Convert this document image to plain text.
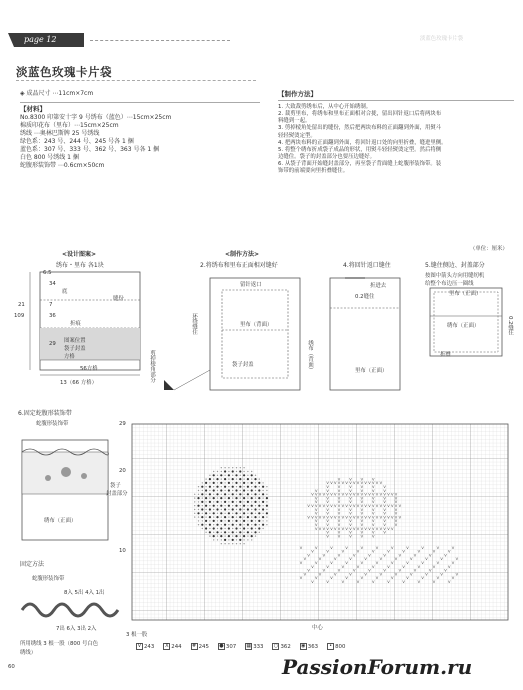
page 12	淡蓝色玫瑰卡片袋
淡蓝色玫瑰卡片袋
◈ 成品尺寸 ⋯11cm×7cm
【材料】
No.8300 印第安十字 9 号绣布（蓝色）⋯15cm×25cm
棉质印花布（里布）⋯15cm×25cm
绣线 ⋯奥林巴斯牌 25 号绣线
绿色系：243 号、244 号、245 号各 1 捆
蓝色系：307 号、333 号、362 号、363 号各 1 捆
白色 800 号绣线 1 捆
蛇腹形装饰带 ⋯0.6cm×50cm
【制作方法】
1. 大致裁剪绣布后，从中心开始绣制。
2. 裁剪里布，将绣布和里布正面相对合拢，留出回针返口后将两块布
料缝到一起。
3. 剪掉棱角处留出的缝份，然后把两块布料的正面翻到外面，用熨斗
轻轻熨烫定型。
4. 把两块布料的正面翻到外面，将回针返口处的向里折叠，缝进里侧。
5. 将整个绣布折成袋子成品的形状，用熨斗轻轻熨烫定型。然后将侧
边缝住。袋子的封盖部分也要压边缝好。
6. 从袋子背面开始缝封盖部分，再至袋子背面缝上蛇腹形装饰带。装
饰带的前端要向里折叠缝住。
（单位：厘米）
<设计图案>
绣布・里布 各1块
<制作方法>
2.将绣布和里布正面相对缝好	4.将回针返口缝住	5.缝住侧边、封盖部分
按图中箭头方向用缝纫机
给整个布边压一圈线
底
缝份
折痕
图案位置
袋子封盖
方格
6.5
34
7
36
21
109
29
56方格
13（66 方格）
留针返口
里布（背面）
环绕缝住
袋子封盖	绣布（背面）
剪掉棱角部分
折进去
0.2缝住
里布（正面）
里布（正面）
绣布（正面）
折叠
0.2缝住
6.固定蛇腹形装饰带
蛇腹形装饰带
袋子
封盖部分
绣布（正面）
固定方法
蛇腹形装饰带
8入 5出 4入 1出
7出 6入 3出 2入
3 根一股
V V V V
V V V V V V V V V V V V V V V
V V V V V V
V V V V V V V
V V V V V V V V V V V V V V V V V V V V V V V
V V V V V V V V
V V V V V V V V
V V V V V V V V V V V V V V V V V V V V V V V V V
V V V V V V V V
V V V V V V V V
V V V V V V V V V V V V V V V V V V V V V V V V V
V V V V V V V V
V V V V V V V V
V V V V V V V V V V V V V V V V V V V V V
V V V V V V
V V V V V
V	V	V	V	V	V	V	V	V	V	V
V	V	V	V	V	V	V	V	V	V
V	V	V	V	V	V	V	V	V	V
V	V	V	V	V	V	V	V	V	V	V
V	V	V	V	V	V	V	V	V	V	V
V	V	V	V	V	V	V	V	V	V
V	V	V	V	V	V	V	V	V	V
V	V	V	V	V	V	V	V	V	V	V
V	V	V	V	V	V	V	V	V	V	V
V	V	V	V	V	V	V	V	V	V
29
20
10
中心
所用绣线 3 根一股（800 号白色
绣线）
V 243	X 244 # 245 ● 307 ▦ 333 ○ 362 ◉ 363	• 800
60	PassionForum.ru
